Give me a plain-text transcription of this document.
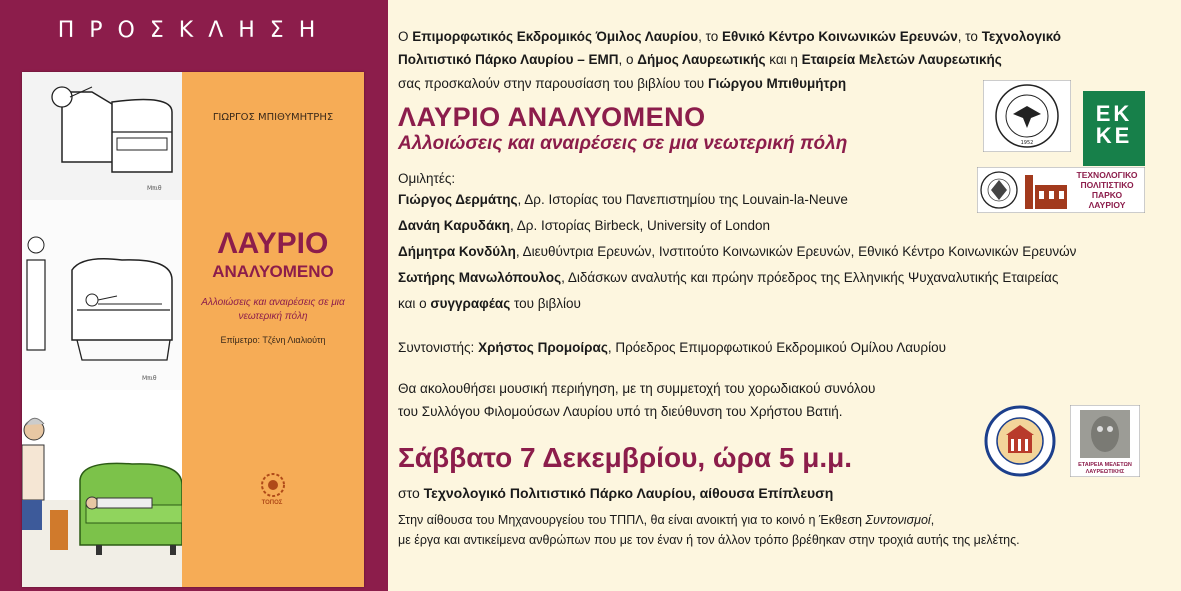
ΠΡΟΣΚΛΗΣΗ
Μπιθ
Μπιθ
ΓΙΩΡΓΟΣ ΜΠΙΘΥΜΗΤΡΗΣ
ΛΑΥΡΙΟ
ΑΝΑΛΥΟΜΕΝΟ
Αλλοιώσεις και αναιρέσεις σε μια νεωτερική πόλη
Επίμετρο: Τζένη Λιαλιούτη
ΤΟΠΟΣ
Ο Επιμορφωτικός Εκδρομικός Όμιλος Λαυρίου, το Εθνικό Κέντρο Κοινωνικών Ερευνών, το Τεχνολογικό
Πολιτιστικό Πάρκο Λαυρίου – ΕΜΠ, ο Δήμος Λαυρεωτικής και η Εταιρεία Μελετών Λαυρεωτικής
σας προσκαλούν στην παρουσίαση του βιβλίου του Γιώργου Μπιθυμήτρη
ΛΑΥΡΙΟ ΑΝΑΛΥΟΜΕΝΟ
Αλλοιώσεις και αναιρέσεις σε μια νεωτερική πόλη
Ομιλητές:
Γιώργος Δερμάτης, Δρ. Ιστορίας του Πανεπιστημίου της Louvain-la-Neuve
Δανάη Καρυδάκη, Δρ. Ιστορίας Birbeck, University of London
Δήμητρα Κονδύλη, Διευθύντρια Ερευνών, Ινστιτούτο Κοινωνικών Ερευνών, Εθνικό Κέντρο Κοινωνικών Ερευνών
Σωτήρης Μανωλόπουλος, Διδάσκων αναλυτής και πρώην πρόεδρος της Ελληνικής Ψυχαναλυτικής Εταιρείας
και ο συγγραφέας του βιβλίου
Συντονιστής: Χρήστος Προμοίρας, Πρόεδρος Επιμορφωτικού Εκδρομικού Ομίλου Λαυρίου
Θα ακολουθήσει μουσική περιήγηση, με τη συμμετοχή του χορωδιακού συνόλου
του Συλλόγου Φιλομούσων Λαυρίου υπό τη διεύθυνση του Χρήστου Βατιή.
Σάββατο 7 Δεκεμβρίου, ώρα 5 μ.μ.
στο Τεχνολογικό Πολιτιστικό Πάρκο Λαυρίου, αίθουσα Επίπλευση
Στην αίθουσα του Μηχανουργείου του ΤΠΠΛ, θα είναι ανοικτή για το κοινό η Έκθεση Συντονισμοί,
με έργα και αντικείμενα ανθρώπων που με τον έναν ή τον άλλον τρόπο βρέθηκαν στην τροχιά αυτής της μελέτης.
1952
ΕΚ
ΚΕ
ΤΕΧΝΟΛΟΓΙΚΟ
ΠΟΛΙΤΙΣΤΙΚΟ
ΠΑΡΚΟ
ΛΑΥΡΙΟΥ
ΕΤΑΙΡΕΙΑ ΜΕΛΕΤΩΝ
ΛΑΥΡΕΩΤΙΚΗΣ
